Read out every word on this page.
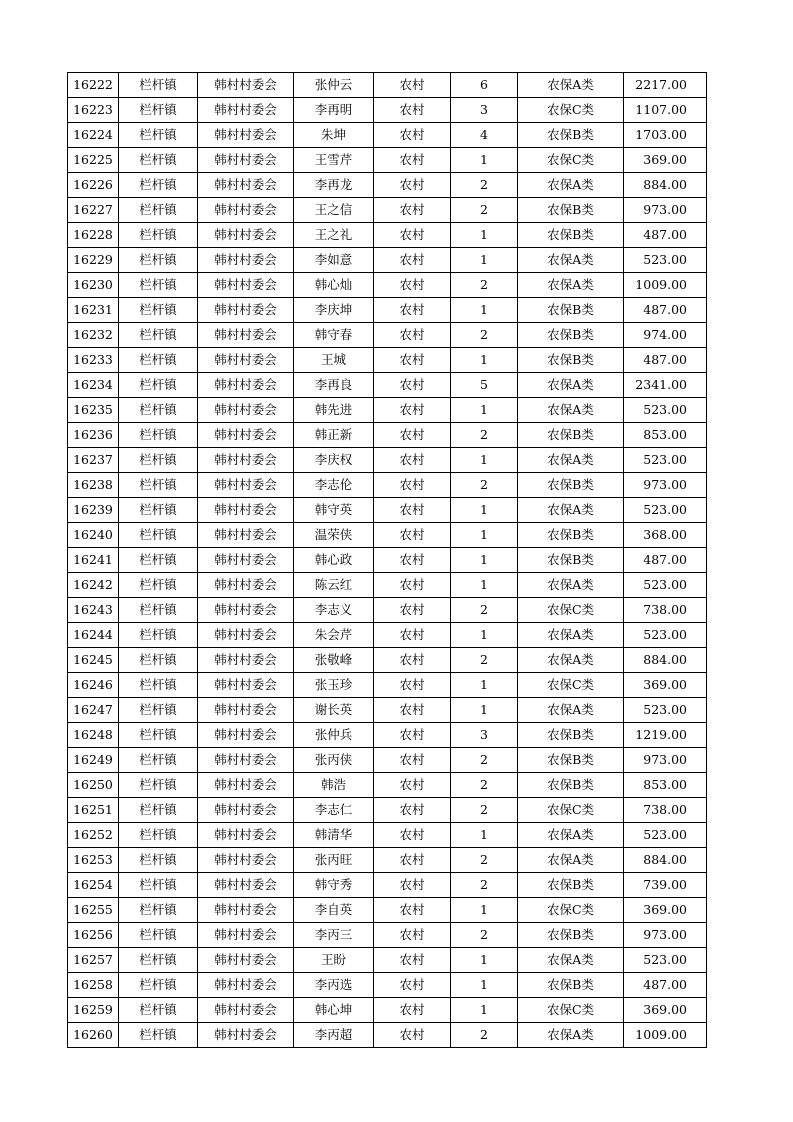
16222	栏杆镇	韩村村委会	张仲云	农村	6	农保A类	2217.00
16223	栏杆镇	韩村村委会	李再明	农村	3	农保C类	1107.00
16224	栏杆镇	韩村村委会	朱坤	农村	4	农保B类	1703.00
16225	栏杆镇	韩村村委会	王雪芹	农村	1	农保C类	369.00
16226	栏杆镇	韩村村委会	李再龙	农村	2	农保A类	884.00
16227	栏杆镇	韩村村委会	王之信	农村	2	农保B类	973.00
16228	栏杆镇	韩村村委会	王之礼	农村	1	农保B类	487.00
16229	栏杆镇	韩村村委会	李如意	农村	1	农保A类	523.00
16230	栏杆镇	韩村村委会	韩心灿	农村	2	农保A类	1009.00
16231	栏杆镇	韩村村委会	李庆坤	农村	1	农保B类	487.00
16232	栏杆镇	韩村村委会	韩守春	农村	2	农保B类	974.00
16233	栏杆镇	韩村村委会	王城	农村	1	农保B类	487.00
16234	栏杆镇	韩村村委会	李再良	农村	5	农保A类	2341.00
16235	栏杆镇	韩村村委会	韩先进	农村	1	农保A类	523.00
16236	栏杆镇	韩村村委会	韩正新	农村	2	农保B类	853.00
16237	栏杆镇	韩村村委会	李庆权	农村	1	农保A类	523.00
16238	栏杆镇	韩村村委会	李志伦	农村	2	农保B类	973.00
16239	栏杆镇	韩村村委会	韩守英	农村	1	农保A类	523.00
16240	栏杆镇	韩村村委会	温荣侠	农村	1	农保B类	368.00
16241	栏杆镇	韩村村委会	韩心政	农村	1	农保B类	487.00
16242	栏杆镇	韩村村委会	陈云红	农村	1	农保A类	523.00
16243	栏杆镇	韩村村委会	李志义	农村	2	农保C类	738.00
16244	栏杆镇	韩村村委会	朱会芹	农村	1	农保A类	523.00
16245	栏杆镇	韩村村委会	张敬峰	农村	2	农保A类	884.00
16246	栏杆镇	韩村村委会	张玉珍	农村	1	农保C类	369.00
16247	栏杆镇	韩村村委会	谢长英	农村	1	农保A类	523.00
16248	栏杆镇	韩村村委会	张仲兵	农村	3	农保B类	1219.00
16249	栏杆镇	韩村村委会	张丙侠	农村	2	农保B类	973.00
16250	栏杆镇	韩村村委会	韩浩	农村	2	农保B类	853.00
16251	栏杆镇	韩村村委会	李志仁	农村	2	农保C类	738.00
16252	栏杆镇	韩村村委会	韩清华	农村	1	农保A类	523.00
16253	栏杆镇	韩村村委会	张丙旺	农村	2	农保A类	884.00
16254	栏杆镇	韩村村委会	韩守秀	农村	2	农保B类	739.00
16255	栏杆镇	韩村村委会	李自英	农村	1	农保C类	369.00
16256	栏杆镇	韩村村委会	李丙三	农村	2	农保B类	973.00
16257	栏杆镇	韩村村委会	王盼	农村	1	农保A类	523.00
16258	栏杆镇	韩村村委会	李丙选	农村	1	农保B类	487.00
16259	栏杆镇	韩村村委会	韩心坤	农村	1	农保C类	369.00
16260	栏杆镇	韩村村委会	李丙超	农村	2	农保A类	1009.00
